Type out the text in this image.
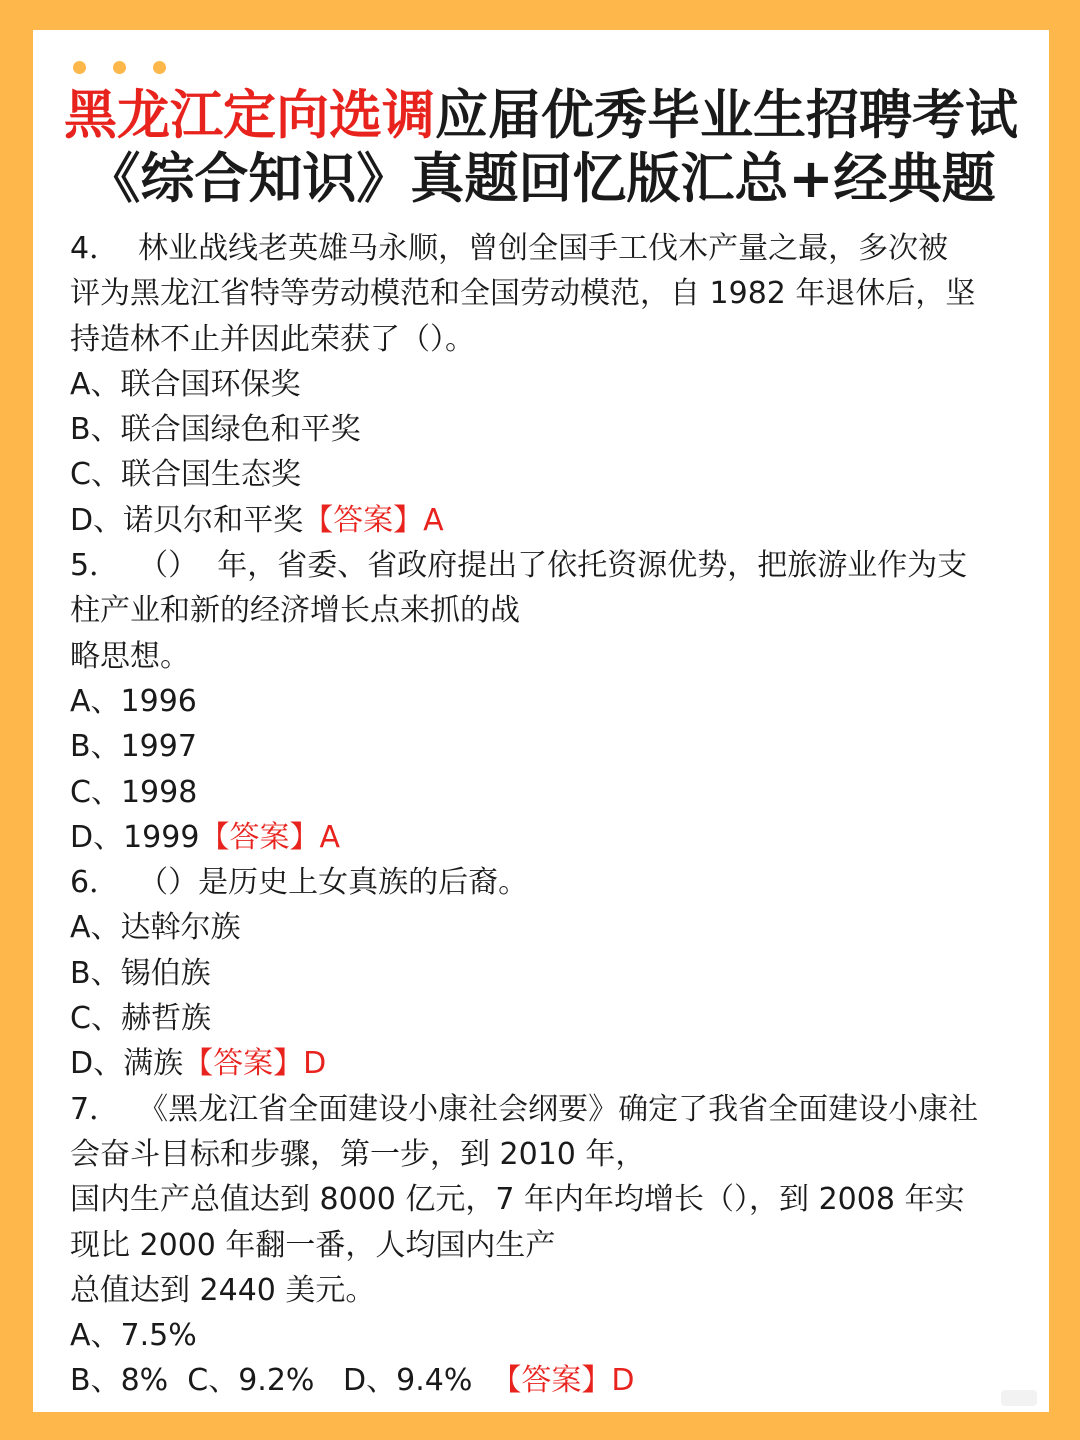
黑龙江定向选调应届优秀毕业生招聘考试
《综合知识》真题回忆版汇总+经典题
4．  林业战线老英雄马永顺，曾创全国手工伐木产量之最，多次被
评为黑龙江省特等劳动模范和全国劳动模范，自 1982 年退休后，坚
持造林不止并因此荣获了（）。
A、联合国环保奖
B、联合国绿色和平奖
C、联合国生态奖
D、诺贝尔和平奖【答案】A
5．  （）  年，省委、省政府提出了依托资源优势，把旅游业作为支
柱产业和新的经济增长点来抓的战
略思想。
A、1996
B、1997
C、1998
D、1999【答案】A
6．  （）是历史上女真族的后裔。
A、达斡尔族
B、锡伯族
C、赫哲族
D、满族【答案】D
7．  《黑龙江省全面建设小康社会纲要》确定了我省全面建设小康社
会奋斗目标和步骤，第一步，到 2010 年，
国内生产总值达到 8000 亿元，7 年内年均增长（），到 2008 年实
现比 2000 年翻一番，人均国内生产
总值达到 2440 美元。
A、7.5%
B、8%  C、9.2%   D、9.4%  【答案】D
